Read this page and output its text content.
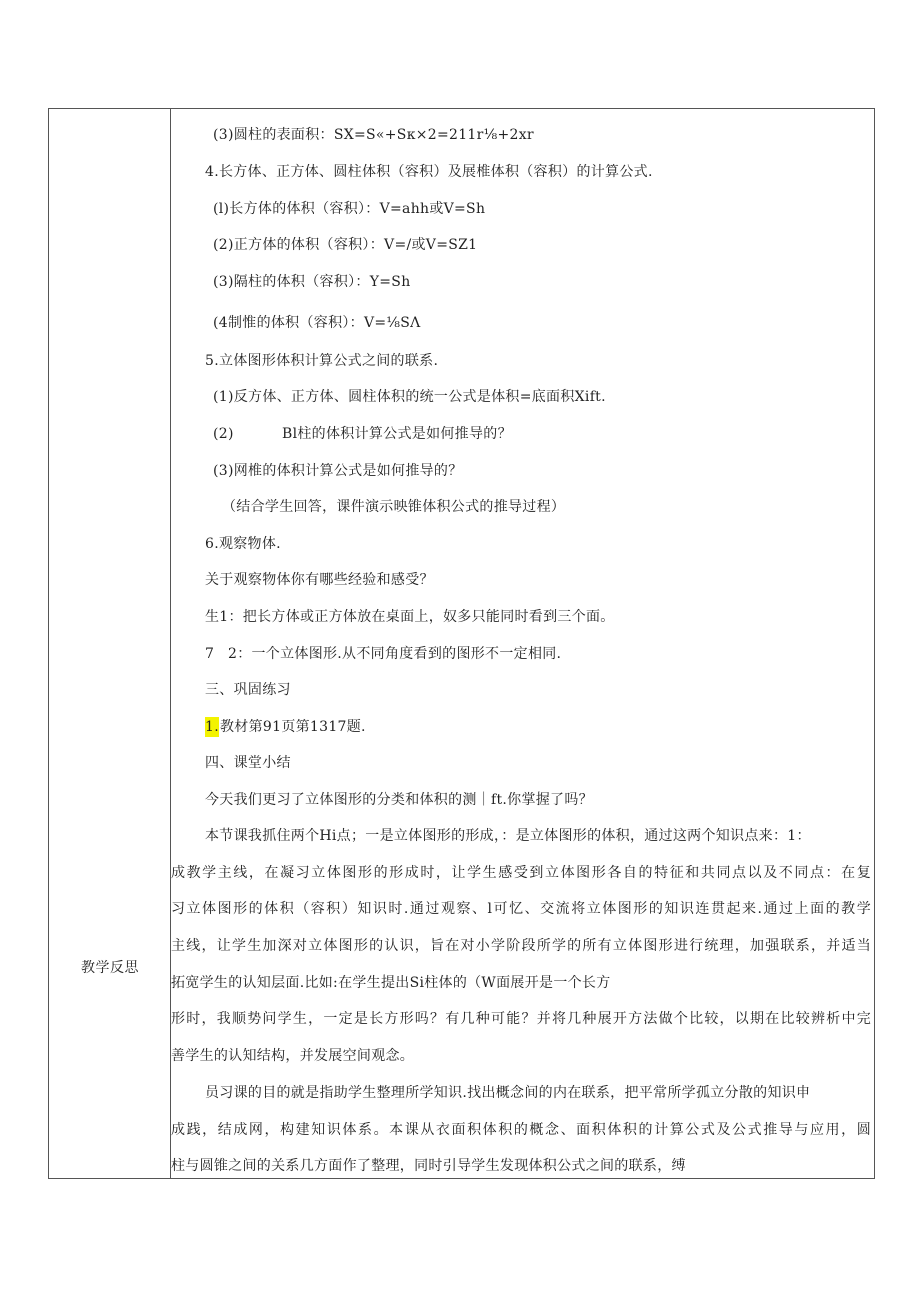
教学反思
(3)圆柱的表面积：SX=S«+Sκ×2=211r⅛+2xr
4.长方体、正方体、圆柱体积（容积）及展椎体积（容积）的计算公式.
(l)长方体的体积（容积）：V=ahh或V=Sh
(2)正方体的体积（容积）：V=/或V=SZ1
(3)隔柱的体积（容积）：Y=Sh
(4制惟的体积（容积）：V=⅛SΛ
5.立体图形体积计算公式之间的联系.
(1)反方体、正方体、圆柱体积的统一公式是体积=底面积Xift.
(2)	Bl柱的体积计算公式是如何推导的？
(3)网椎的体积计算公式是如何推导的？
（结合学生回答，课件演示映锥体积公式的推导过程）
6.观察物体.
关于观察物体你有哪些经验和感受？
生1：把长方体或正方体放在桌面上，奴多只能同时看到三个面。
7 2：一个立体图形.从不同角度看到的图形不一定相同.
三、巩固练习
1. 教材第91页第1317题.
四、课堂小结
今天我们更习了立体图形的分类和体积的测｜ft.你掌握了吗？
本节课我抓住两个Hi点；一是立体图形的形成，：是立体图形的体积，通过这两个知识点来：1：
成教学主线，在凝习立体图形的形成时，让学生感受到立体图形各自的特征和共同点以及不同点：在复
习立体图形的体积（容积）知识时.通过观察、l可忆、交流将立体图形的知识连贯起来.通过上面的教学
主线，让学生加深对立体图形的认识，旨在对小学阶段所学的所有立体图形进行统理，加强联系，并适当
拓宽学生的认知层面.比如:在学生提出Si柱体的（W面展开是一个长方
形时，我顺势问学生，一定是长方形吗？有几种可能？并将几种展开方法做个比较，以期在比较辨析中完
善学生的认知结构，并发展空间观念。
员习课的目的就是指助学生整理所学知识.找出概念间的内在联系，把平常所学孤立分散的知识申
成践，结成网，构建知识体系。本课从衣面积体积的概念、面积体积的计算公式及公式推导与应用，圆
柱与圆锥之间的关系几方面作了整理，同时引导学生发现体积公式之间的联系，缚
